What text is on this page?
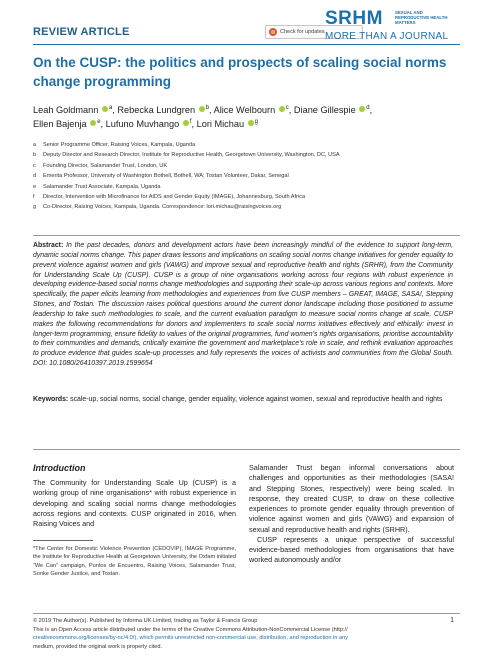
REVIEW ARTICLE	Check for updates
SRHM	SEXUAL AND REPRODUCTIVE HEALTH MATTERS
MORE THAN A JOURNAL
On the CUSP: the politics and prospects of scaling social norms change programming
Leah Goldmann $^a$, Rebecka Lundgren $^b$, Alice Welbourn $^c$, Diane Gillespie $^d$,
Ellen Bajenja $^e$, Lufuno Muvhango $^f$, Lori Michau $^g$
a Senior Programme Officer, Raising Voices, Kampala, Uganda
b Deputy Director and Research Director, Institute for Reproductive Health, Georgetown University, Washington, DC, USA
c Founding Director, Salamander Trust, London, UK
d Emerita Professor, University of Washington Bothell, Bothell, WA; Tostan Volunteer, Dakar, Senegal
e Salamander Trust Associate, Kampala, Uganda
f Director, Intervention with Microfinance for AIDS and Gender Equity (IMAGE), Johannesburg, South Africa
g Co-Director, Raising Voices, Kampala, Uganda. Correspondence: lori.michau@raisingvoices.org

Abstract: In the past decades, donors and development actors have been increasingly mindful of the evidence to support long-term, dynamic social norms change. This paper draws lessons and implications on scaling social norms change initiatives for gender equality to prevent violence against women and girls (VAWG) and improve sexual and reproductive health and rights (SRHR), from the Community for Understanding Scale Up (CUSP). CUSP is a group of nine organisations working across four regions with robust experience in developing evidence-based social norms change methodologies and supporting their scale-up across various regions and contexts. More specifically, the paper elicits learning from methodologies and experiences from five CUSP members – GREAT, IMAGE, SASA!, Stepping Stones, and Tostan. The discussion raises political questions around the current donor landscape including those positioned to assume leadership to take such methodologies to scale, and the current evaluation paradigm to measure social norms change at scale. CUSP makes the following recommendations for donors and implementers to scale social norms initiatives effectively and ethically: invest in longer-term programming, ensure fidelity to values of the original programmes, fund women’s rights organisations, prioritise accountability to their communities and demands, critically examine the government and marketplace’s role in scale, and rethink evaluation approaches to produce evidence that guides scale-up processes and fully represents the voices of activists and communities from the Global South. DOI: 10.1080/26410397.2019.1599654

Keywords: scale-up, social norms, social change, gender equality, violence against women, sexual and reproductive health and rights

Introduction

The Community for Understanding Scale Up (CUSP) is a working group of nine organisations* with robust experience in developing and scaling social norms change methodologies across regions and contexts. CUSP originated in 2016, when Raising Voices and

*The Center for Domestic Violence Prevention (CEDOVIP), IMAGE Programme, the Institute for Reproductive Health at Georgetown University, the Oxfam initiated “We Can” campaign, Puntos de Encuentro, Raising Voices, Salamander Trust, Sonke Gender Justice, and Tostan.

Salamander Trust began informal conversations about challenges and opportunities as their methodologies (SASA! and Stepping Stones, respectively) were being scaled. In response, they created CUSP, to draw on these collective experiences to promote gender equality through prevention of violence against women and girls (VAWG) and expansion of sexual and reproductive health and rights (SRHR).

CUSP represents a unique perspective of successful evidence-based methodologies from organisations that have worked autonomously and/or

1
© 2019 The Author(s). Published by Informa UK Limited, trading as Taylor & Francis Group
This is an Open Access article distributed under the terms of the Creative Commons Attribution-NonCommercial License (http://
creativecommons.org/licenses/by-nc/4.0/), which permits unrestricted non-commercial use, distribution, and reproduction in any
medium, provided the original work is properly cited.
